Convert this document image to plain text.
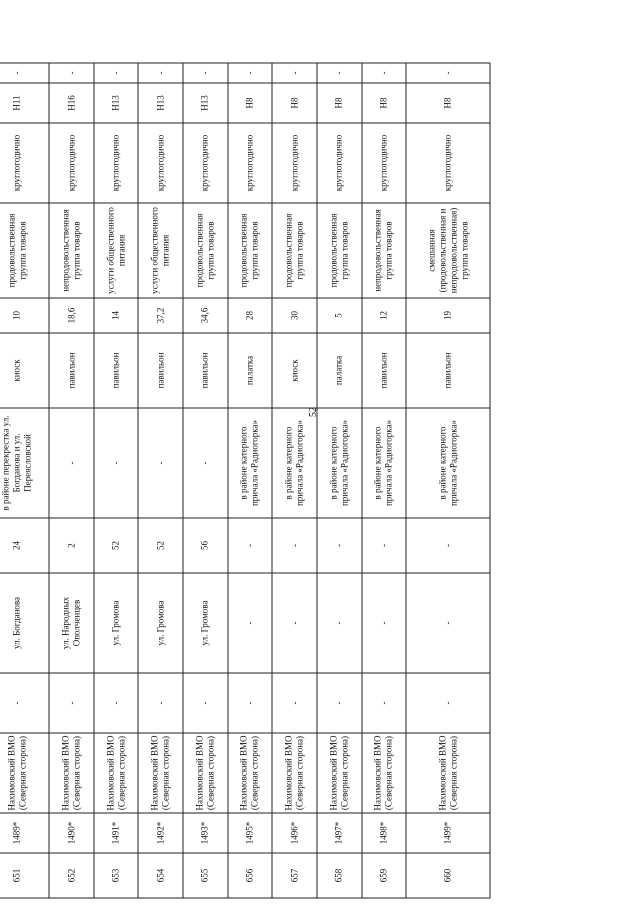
52
651	1489*	Нахимовский ВМО (Северная сторона)	-	ул. Богданова	24	в районе перекрестка ул. Богданова и ул. Переясловской	киоск	10	продовольственная группа товаров	круглогодично	Н11	-
652	1490*	Нахимовский ВМО (Северная сторона)	-	ул. Народных Ополченцев	2	-	павильон	18,6	непродовольственная группа товаров	круглогодично	Н16	-
653	1491*	Нахимовский ВМО (Северная сторона)	-	ул. Громова	52	-	павильон	14	услуги общественного питания	круглогодично	Н13	-
654	1492*	Нахимовский ВМО (Северная сторона)	-	ул. Громова	52	-	павильон	37,2	услуги общественного питания	круглогодично	Н13	-
655	1493*	Нахимовский ВМО (Северная сторона)	-	ул. Громова	56	-	павильон	34,6	продовольственная группа товаров	круглогодично	Н13	-
656	1495*	Нахимовский ВМО (Северная сторона)	-	-	-	в районе катерного причала «Радиогорка»	палатка	28	продовольственная группа товаров	круглогодично	Н8	-
657	1496*	Нахимовский ВМО (Северная сторона)	-	-	-	в районе катерного причала «Радиогорка»	киоск	30	продовольственная группа товаров	круглогодично	Н8	-
658	1497*	Нахимовский ВМО (Северная сторона)	-	-	-	в районе катерного причала «Радиогорка»	палатка	5	продовольственная группа товаров	круглогодично	Н8	-
659	1498*	Нахимовский ВМО (Северная сторона)	-	-	-	в районе катерного причала «Радиогорка»	павильон	12	непродовольственная группа товаров	круглогодично	Н8	-
660	1499*	Нахимовский ВМО (Северная сторона)	-	-	-	в районе катерного причала «Радиогорка»	павильон	19	смешанная (продовольственная и непродовольственная) группа товаров	круглогодично	Н8	-
